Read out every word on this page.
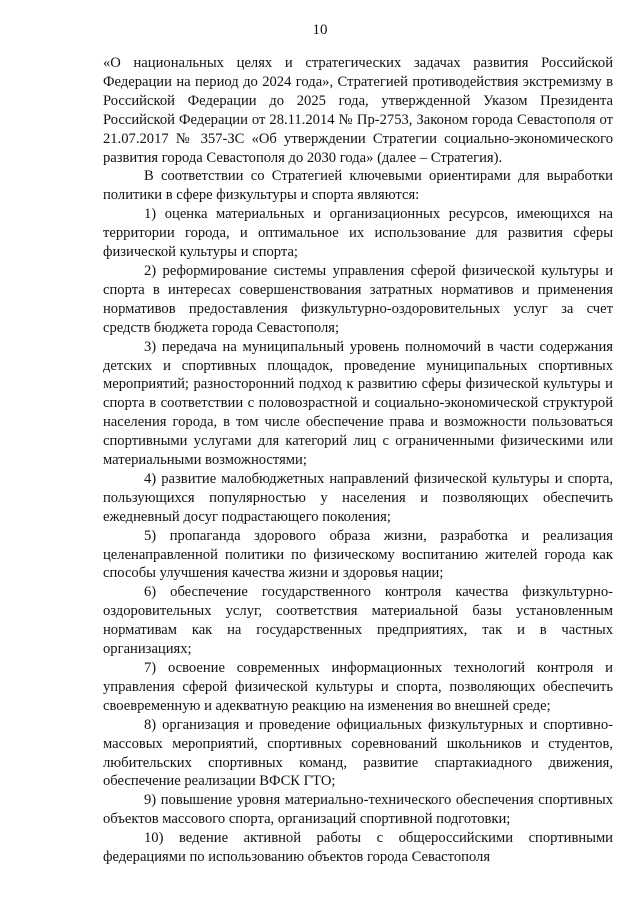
10

«О национальных целях и стратегических задачах развития Российской Федерации на период до 2024 года», Стратегией противодействия экстремизму в Российской Федерации до 2025 года, утвержденной Указом Президента Российской Федерации от 28.11.2014 № Пр-2753, Законом города Севастополя от 21.07.2017 № 357-ЗС «Об утверждении Стратегии социально-экономического развития города Севастополя до 2030 года» (далее – Стратегия).

В соответствии со Стратегией ключевыми ориентирами для выработки политики в сфере физкультуры и спорта являются:

1) оценка материальных и организационных ресурсов, имеющихся на территории города, и оптимальное их использование для развития сферы физической культуры и спорта;

2) реформирование системы управления сферой физической культуры и спорта в интересах совершенствования затратных нормативов и применения нормативов предоставления физкультурно-оздоровительных услуг за счет средств бюджета города Севастополя;

3) передача на муниципальный уровень полномочий в части содержания детских и спортивных площадок, проведение муниципальных спортивных мероприятий; разносторонний подход к развитию сферы физической культуры и спорта в соответствии с половозрастной и социально-экономической структурой населения города, в том числе обеспечение права и возможности пользоваться спортивными услугами для категорий лиц с ограниченными физическими или материальными возможностями;

4) развитие малобюджетных направлений физической культуры и спорта, пользующихся популярностью у населения и позволяющих обеспечить ежедневный досуг подрастающего поколения;

5) пропаганда здорового образа жизни, разработка и реализация целенаправленной политики по физическому воспитанию жителей города как способы улучшения качества жизни и здоровья нации;

6) обеспечение государственного контроля качества физкультурно-оздоровительных услуг, соответствия материальной базы установленным нормативам как на государственных предприятиях, так и в частных организациях;

7) освоение современных информационных технологий контроля и управления сферой физической культуры и спорта, позволяющих обеспечить своевременную и адекватную реакцию на изменения во внешней среде;

8) организация и проведение официальных физкультурных и спортивно-массовых мероприятий, спортивных соревнований школьников и студентов, любительских спортивных команд, развитие спартакиадного движения, обеспечение реализации ВФСК ГТО;

9) повышение уровня материально-технического обеспечения спортивных объектов массового спорта, организаций спортивной подготовки;

10) ведение активной работы с общероссийскими спортивными федерациями по использованию объектов города Севастополя
